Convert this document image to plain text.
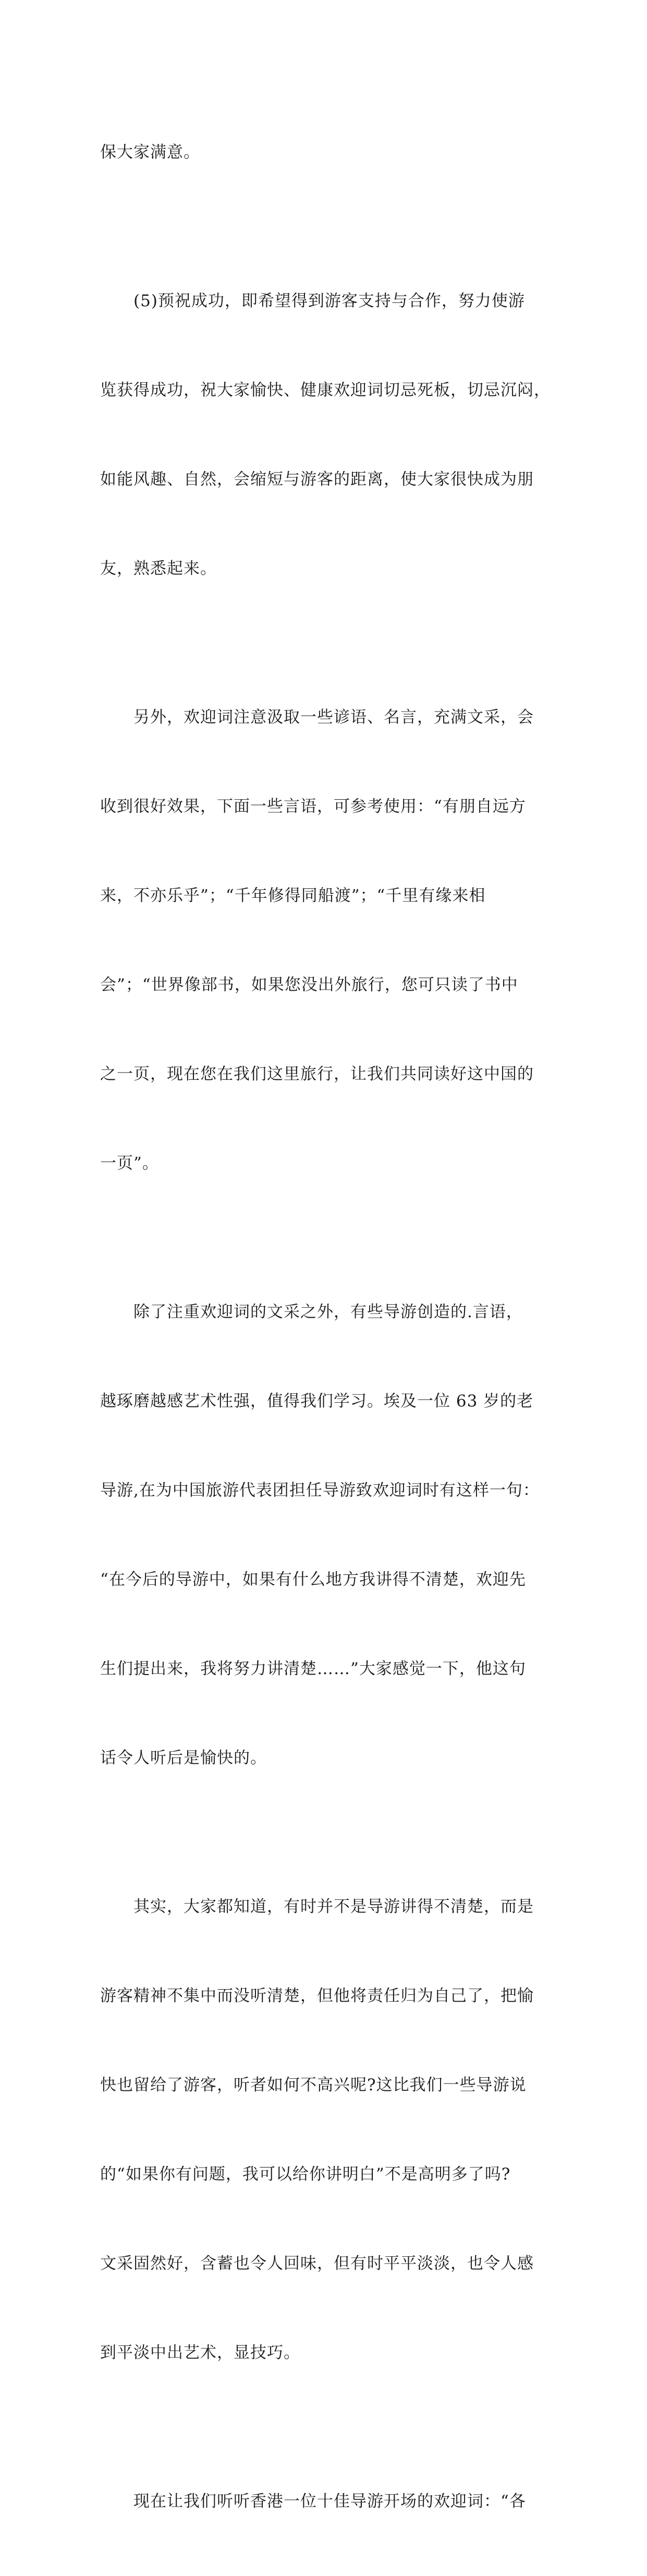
保大家满意。

(5)预祝成功，即希望得到游客支持与合作，努力使游

览获得成功，祝大家愉快、健康欢迎词切忌死板，切忌沉闷，

如能风趣、自然，会缩短与游客的距离，使大家很快成为朋

友，熟悉起来。

另外，欢迎词注意汲取一些谚语、名言，充满文采，会

收到很好效果，下面一些言语，可参考使用：“有朋自远方

来，不亦乐乎”；“千年修得同船渡”；“千里有缘来相

会”；“世界像部书，如果您没出外旅行，您可只读了书中

之一页，现在您在我们这里旅行，让我们共同读好这中国的

一页”。

除了注重欢迎词的文采之外，有些导游创造的.言语，

越琢磨越感艺术性强，值得我们学习。埃及一位 63 岁的老

导游,在为中国旅游代表团担任导游致欢迎词时有这样一句：

“在今后的导游中，如果有什么地方我讲得不清楚，欢迎先

生们提出来，我将努力讲清楚……”大家感觉一下，他这句

话令人听后是愉快的。

其实，大家都知道，有时并不是导游讲得不清楚，而是

游客精神不集中而没听清楚，但他将责任归为自己了，把愉

快也留给了游客，听者如何不高兴呢?这比我们一些导游说

的“如果你有问题，我可以给你讲明白”不是高明多了吗?

文采固然好，含蓄也令人回味，但有时平平淡淡，也令人感

到平淡中出艺术，显技巧。

现在让我们听听香港一位十佳导游开场的欢迎词：“各
